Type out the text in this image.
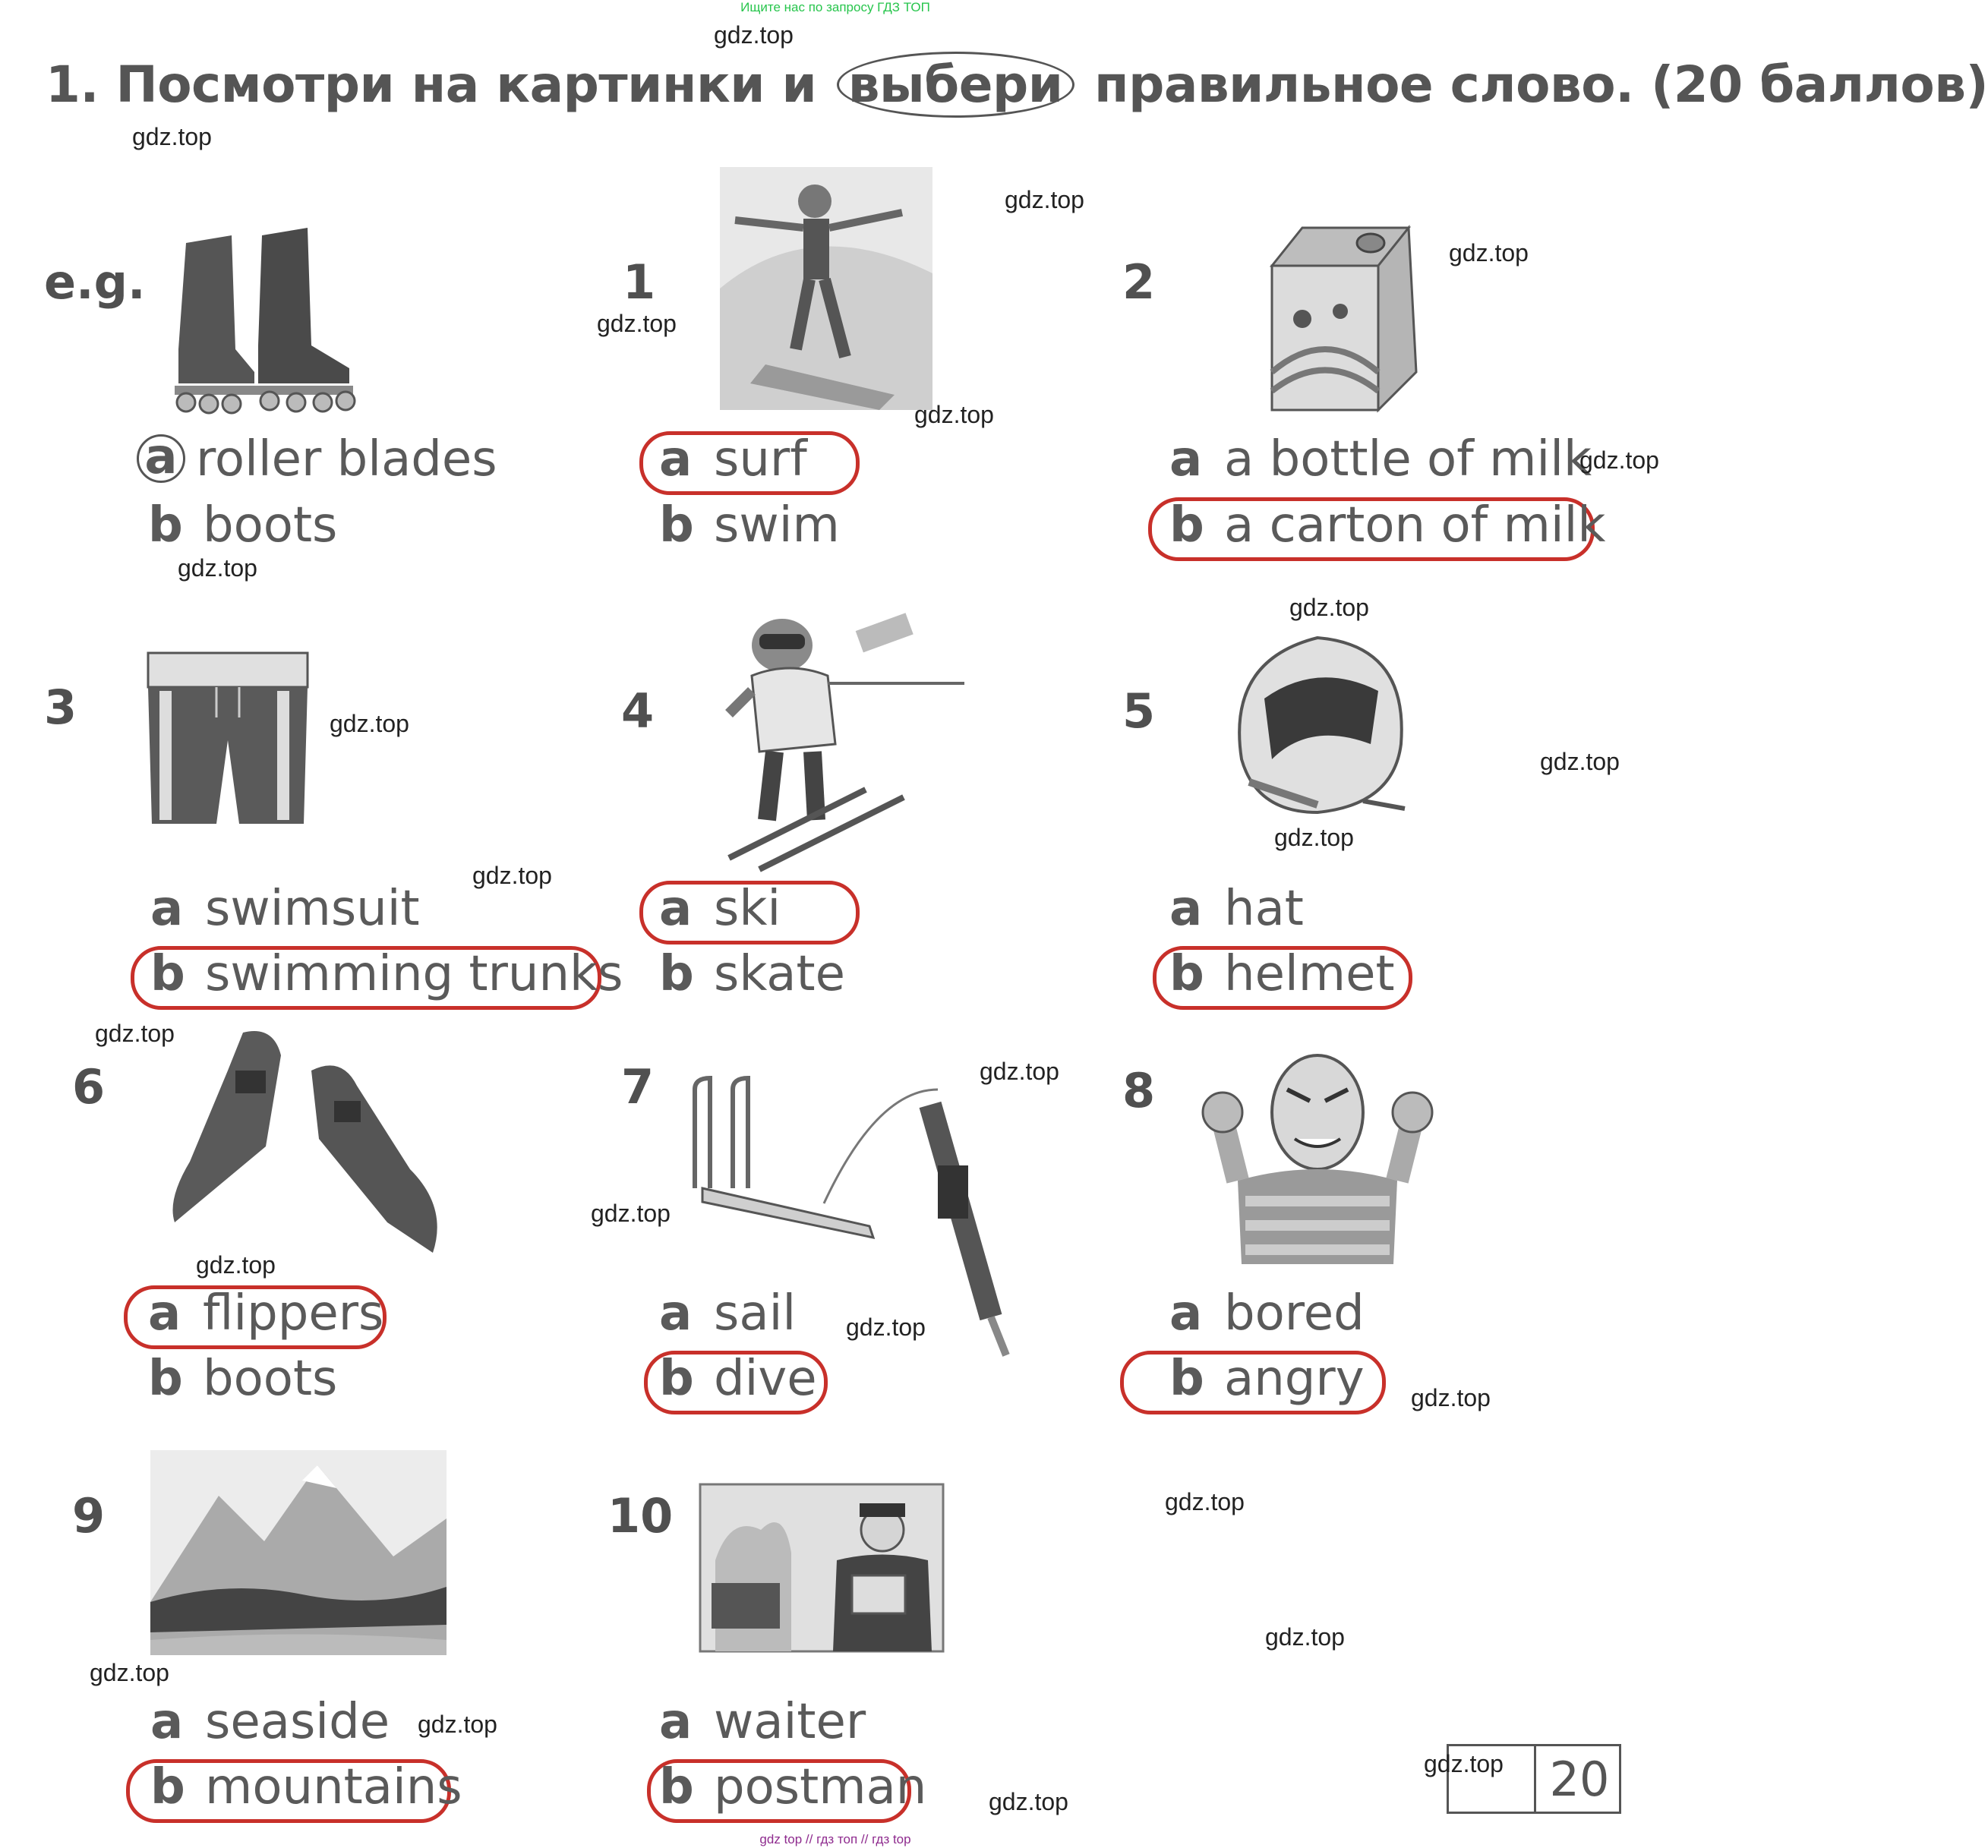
Ищите нас по запросу ГДЗ ТОП
1. Посмотри на картинки и выбери правильное слово. (20 баллов)
e.g.
a roller blades
b boots
1
a surf
b swim
2
a a bottle of milk
b a carton of milk
3
a swimsuit
b swimming trunks
4
a ski
b skate
5
a hat
b helmet
6
a flippers
b boots
7
a sail
b dive
8
a bored
b angry
9
a seaside
b mountains
10
a waiter
b postman	20
gdz.top
gdz.top
gdz.top
gdz.top
gdz.top
gdz.top
gdz.top
gdz.top
gdz.top
gdz.top
gdz.top
gdz.top
gdz.top
gdz.top
gdz.top
gdz.top
gdz.top
gdz.top
gdz.top
gdz.top
gdz.top
gdz.top
gdz.top
gdz.top
gdz.top
gdz top // гдз топ // гдз top
